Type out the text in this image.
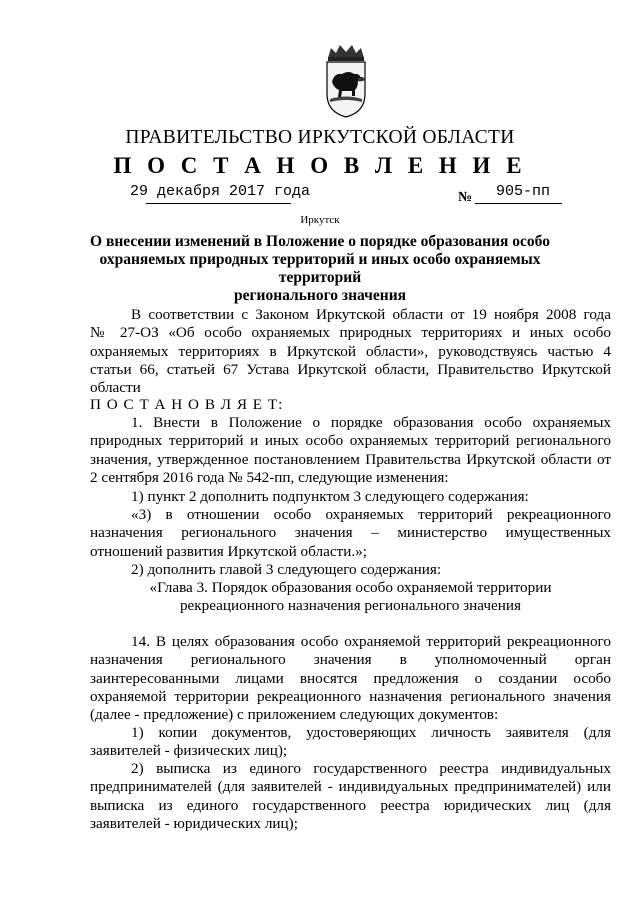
ПРАВИТЕЛЬСТВО ИРКУТСКОЙ ОБЛАСТИ
П О С Т А Н О В Л Е Н И Е
29 декабря 2017 года	№ 905-пп
Иркутск
О внесении изменений в Положение о порядке образования особо
охраняемых природных территорий и иных особо охраняемых территорий
регионального значения
В соответствии с Законом Иркутской области от 19 ноября 2008 года
№ 27-ОЗ «Об особо охраняемых природных территориях и иных особо
охраняемых территориях в Иркутской области», руководствуясь частью 4
статьи 66, статьей 67 Устава Иркутской области, Правительство Иркутской
области
П О С Т А Н О В Л Я Е Т:
1. Внести в Положение о порядке образования особо охраняемых
природных территорий и иных особо охраняемых территорий регионального
значения, утвержденное постановлением Правительства Иркутской области от
2 сентября 2016 года № 542-пп, следующие изменения:
1) пункт 2 дополнить подпунктом 3 следующего содержания:
«3) в отношении особо охраняемых территорий рекреационного
назначения регионального значения – министерство имущественных
отношений развития Иркутской области.»;
2) дополнить главой 3 следующего содержания:
«Глава 3. Порядок образования особо охраняемой территории
рекреационного назначения регионального значения
14. В целях образования особо охраняемой территорий рекреационного
назначения регионального значения в уполномоченный орган
заинтересованными лицами вносятся предложения о создании особо
охраняемой территории рекреационного назначения регионального значения
(далее - предложение) с приложением следующих документов:
1) копии документов, удостоверяющих личность заявителя (для
заявителей - физических лиц);
2) выписка из единого государственного реестра индивидуальных
предпринимателей (для заявителей - индивидуальных предпринимателей) или
выписка из единого государственного реестра юридических лиц (для
заявителей - юридических лиц);
